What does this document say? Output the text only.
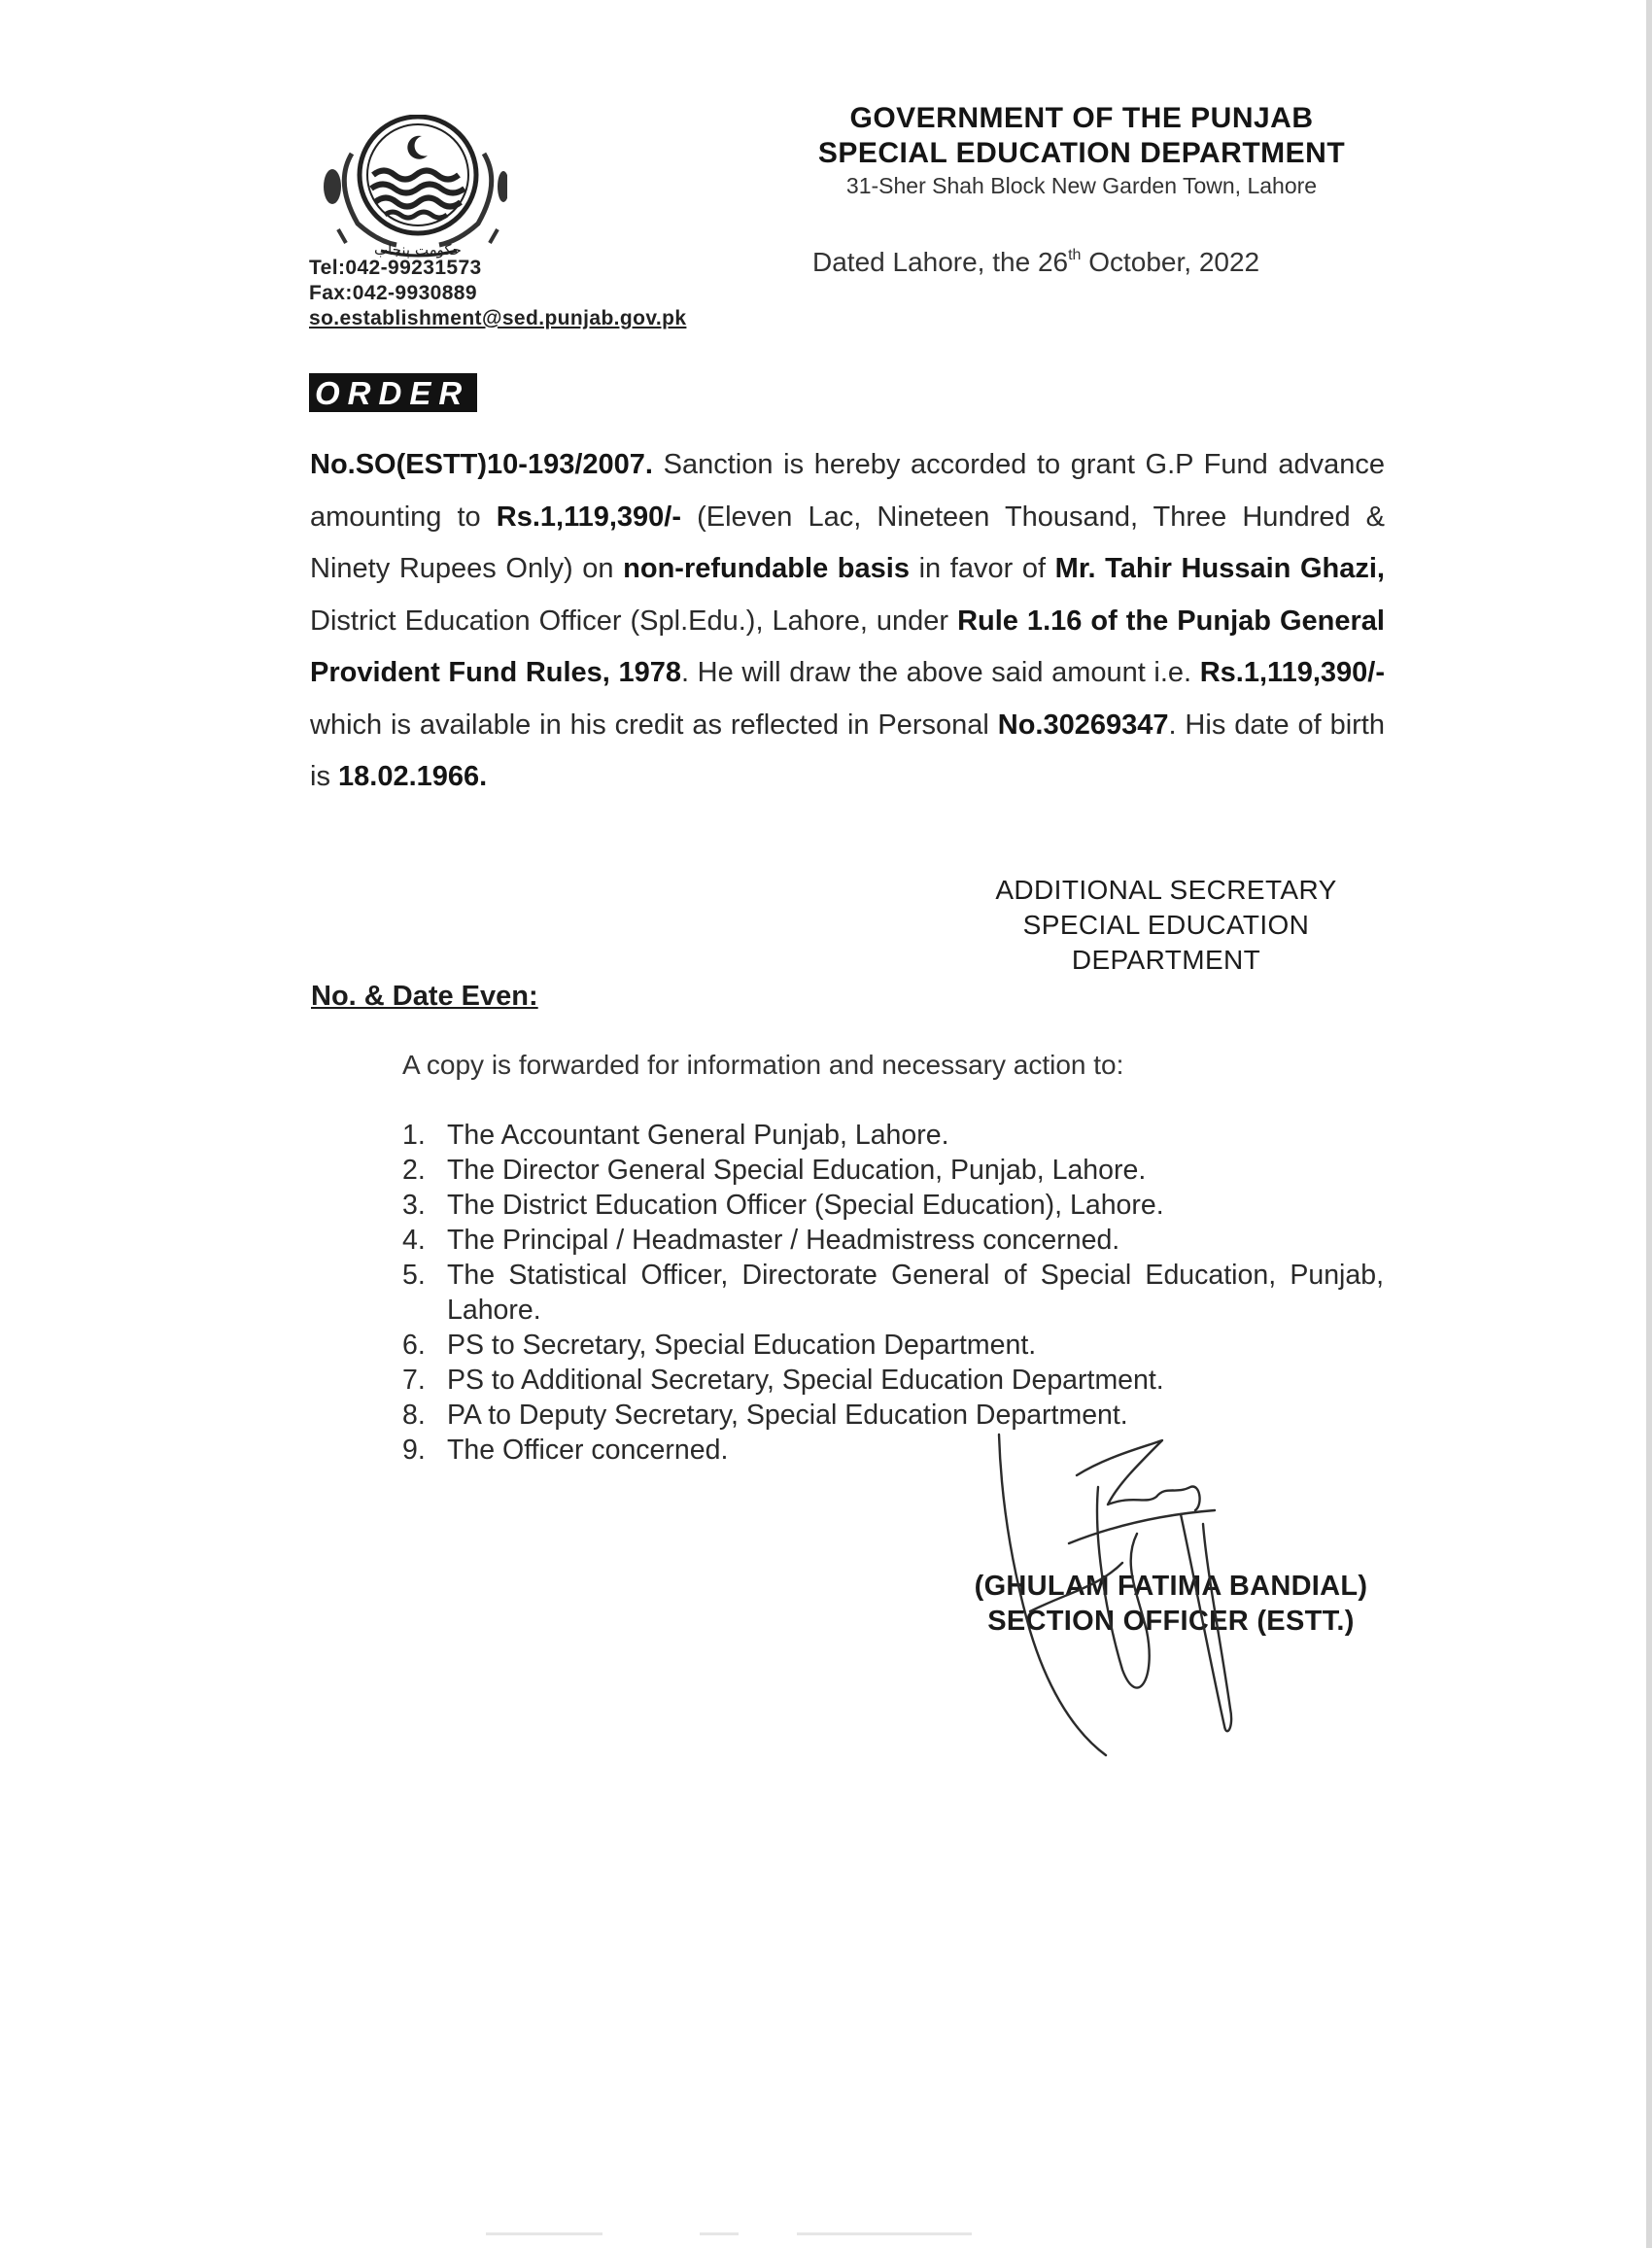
حکومت پنجاب
GOVERNMENT OF THE PUNJAB
SPECIAL EDUCATION DEPARTMENT
31-Sher Shah Block New Garden Town, Lahore
Tel:042-99231573
Fax:042-9930889
so.establishment@sed.punjab.gov.pk
Dated Lahore, the 26th October, 2022
ORDER
No.SO(ESTT)10-193/2007. Sanction is hereby accorded to grant G.P Fund advance amounting to Rs.1,119,390/- (Eleven Lac, Nineteen Thousand, Three Hundred & Ninety Rupees Only) on non-refundable basis in favor of Mr. Tahir Hussain Ghazi, District Education Officer (Spl.Edu.), Lahore, under Rule 1.16 of the Punjab General Provident Fund Rules, 1978. He will draw the above said amount i.e. Rs.1,119,390/- which is available in his credit as reflected in Personal No.30269347. His date of birth is 18.02.1966.
ADDITIONAL SECRETARY
SPECIAL EDUCATION
DEPARTMENT
No. & Date Even:
A copy is forwarded for information and necessary action to:
1. The Accountant General Punjab, Lahore.
2. The Director General Special Education, Punjab, Lahore.
3. The District Education Officer (Special Education), Lahore.
4. The Principal / Headmaster / Headmistress concerned.
5. The Statistical Officer, Directorate General of Special Education, Punjab, Lahore.
6. PS to Secretary, Special Education Department.
7. PS to Additional Secretary, Special Education Department.
8. PA to Deputy Secretary, Special Education Department.
9. The Officer concerned.
(GHULAM FATIMA BANDIAL)
SECTION OFFICER (ESTT.)
